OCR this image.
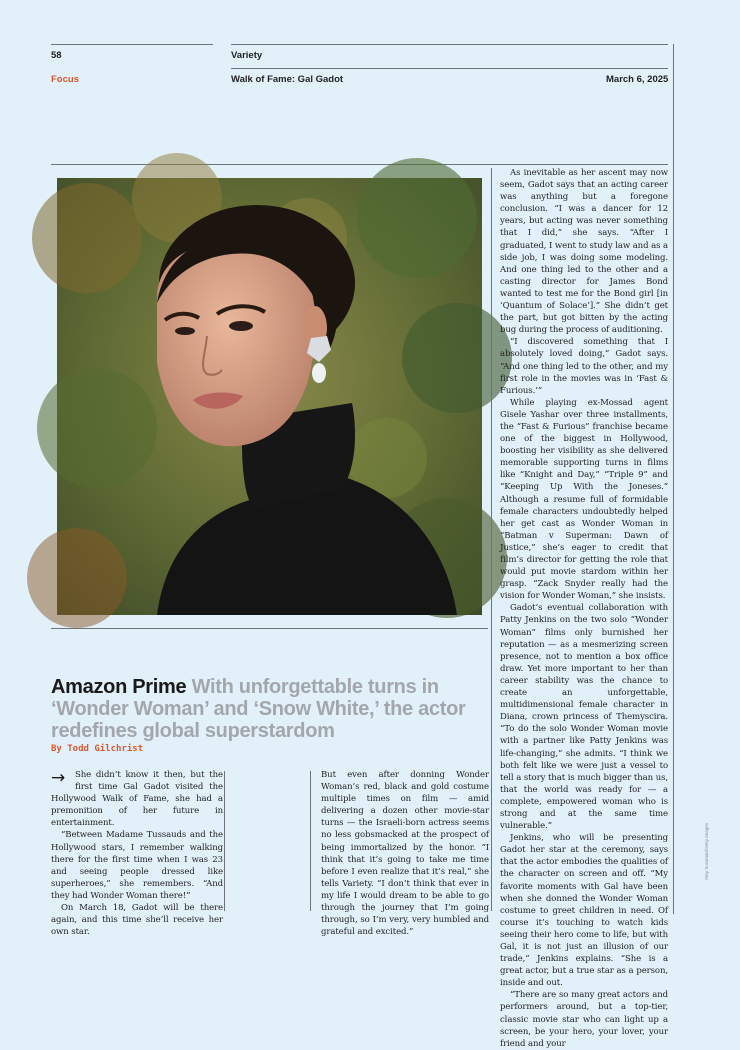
58	Variety
Focus	Walk of Fame: Gal Gadot	March 6, 2025
Amazon Prime With unforgettable turns in ‘Wonder Woman’ and ‘Snow White,’ the actor redefines global superstardom
By Todd Gilchrist

→	She didn’t know it then, but the first time Gal Gadot visited the Hollywood Walk of Fame, she had a premonition of her future in entertainment.

“Between Madame Tussauds and the Hollywood stars, I remember walking there for the first time when I was 23 and seeing people dressed like superheroes,” she remembers. “And they had Wonder Woman there!”

On March 18, Gadot will be there again, and this time she’ll receive her own star.

But even after donning Wonder Woman’s red, black and gold costume multiple times on film — amid delivering a dozen other movie-star turns — the Israeli-born actress seems no less gobsmacked at the prospect of being immortalized by the honor. “I think that it’s going to take me time before I even realize that it’s real,” she tells Variety. “I don’t think that ever in my life I would dream to be able to go through the journey that I’m going through, so I’m very, very humbled and grateful and excited.”

As inevitable as her ascent may now seem, Gadot says that an acting career was anything but a foregone conclusion. “I was a dancer for 12 years, but acting was never something that I did,” she says. “After I graduated, I went to study law and as a side job, I was doing some modeling. And one thing led to the other and a casting director for James Bond wanted to test me for the Bond girl [in ‘Quantum of Solace’].” She didn’t get the part, but got bitten by the acting bug during the process of auditioning.

“I discovered something that I absolutely loved doing,” Gadot says. “And one thing led to the other, and my first role in the movies was in ‘Fast & Furious.’”

While playing ex-Mossad agent Gisele Yashar over three installments, the “Fast & Furious” franchise became one of the biggest in Hollywood, boosting her visibility as she delivered memorable supporting turns in films like “Knight and Day,” “Triple 9” and “Keeping Up With the Joneses.” Although a resume full of formidable female characters undoubtedly helped her get cast as Wonder Woman in “Batman v Superman: Dawn of Justice,” she’s eager to credit that film’s director for getting the role that would put movie stardom within her grasp. “Zack Snyder really had the vision for Wonder Woman,” she insists.

Gadot’s eventual collaboration with Patty Jenkins on the two solo “Wonder Woman” films only burnished her reputation — as a mesmerizing screen presence, not to mention a box office draw. Yet more important to her than career stability was the chance to create an unforgettable, multidimensional female character in Diana, crown princess of Themyscira. “To do the solo Wonder Woman movie with a partner like Patty Jenkins was life-changing,” she admits. “I think we both felt like we were just a vessel to tell a story that is much bigger than us, that the world was ready for — a complete, empowered woman who is strong and at the same time vulnerable.”

Jenkins, who will be presenting Gadot her star at the ceremony, says that the actor embodies the qualities of the character on screen and off. “My favorite moments with Gal have been when she donned the Wonder Woman costume to greet children in need. Of course it’s touching to watch kids seeing their hero come to life, but with Gal, it is not just an illusion of our trade,” Jenkins explains. “She is a great actor, but a true star as a person, inside and out.

“There are so many great actors and performers around, but a top-tier, classic movie star who can light up a screen, be your hero, your lover, your friend and your

Amy Sussman/Getty Images
